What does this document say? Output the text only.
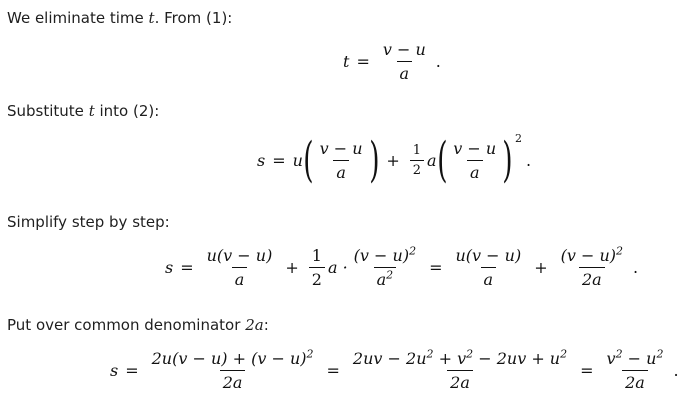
We eliminate time t. From (1):
$t = \frac{v - u}{a}$ .
Substitute t into (2):
s = u ( $\frac{v - u}{a}$ ) + $\frac{1}{2}$ a ( $\frac{v - u}{a}$ ) 2
.
Simplify step by step:
$s = \frac{u(v - u)}{a} + \frac{1}{2}$ $a \cdot \frac{(v - u)^2}{a^2} = \frac{u(v - u)}{a} + \frac{(v - u)^2}{2a}$ .
Put over common denominator 2a:
$s = \frac{2u(v - u) + (v - u)^2}{2a} = \frac{2uv - 2u^2 + v^2 - 2uv + u^2}{2a} = \frac{v^2 - u^2}{2a}$ .
